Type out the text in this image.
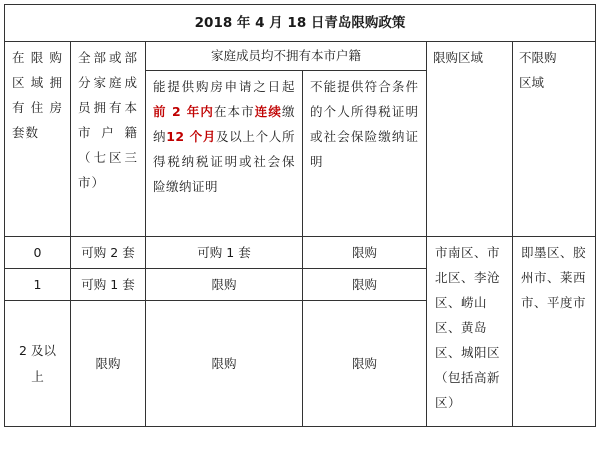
2018 年 4 月 18 日青岛限购政策					

在限购区域拥有住房套数	全部或部分家庭成员拥有本市户籍（七区三市）	家庭成员均不拥有本市户籍		限购区域	不限购区域

		能提供购房申请之日起前 2 年内在本市连续缴纳12 个月及以上个人所得税纳税证明或社会保险缴纳证明	不能提供符合条件的个人所得税证明或社会保险缴纳证明		

0	可购 2 套	可购 1 套	限购	市南区、市北区、李沧区、崂山区、黄岛区、城阳区（包括高新区）	即墨区、胶州市、莱西市、平度市

1	可购 1 套	限购	限购		

2 及以上	限购	限购	限购		
